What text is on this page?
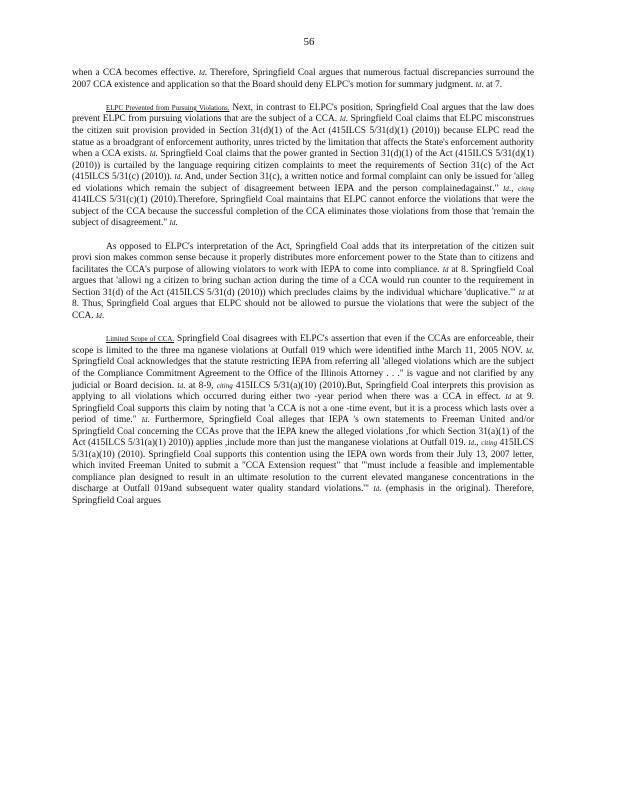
56

when a CCA becomes effective. Id. Therefore, Springfield Coal argues that numerous factual discrepancies surround the 2007 CCA existence and application so that the Board should deny ELPC's motion for summary judgment. Id. at 7.

ELPC Prevented from Pursuing Violations. Next, in contrast to ELPC's position, Springfield Coal argues that the law does prevent ELPC from pursuing violations that are the subject of a CCA. Id. Springfield Coal claims that ELPC misconstrues the citizen suit provision provided in Section 31(d)(1) of the Act (415ILCS 5/31(d)(1) (2010)) because ELPC read the statue as a broadgrant of enforcement authority, unres tricted by the limitation that affects the State's enforcement authority when a CCA exists. Id. Springfield Coal claims that the power granted in Section 31(d)(1) of the Act (415ILCS 5/31(d)(1) (2010)) is curtailed by the language requiring citizen complaints to meet the requirements of Section 31(c) of the Act (415ILCS 5/31(c) (2010)). Id. And, under Section 31(c), a written notice and formal complaint can only be issued for 'alleg ed violations which remain the subject of disagreement between IEPA and the person complainedagainst." Id., citing 414ILCS 5/31(c)(1) (2010).Therefore, Springfield Coal maintains that ELPC cannot enforce the violations that were the subject of the CCA because the successful completion of the CCA eliminates those violations from those that 'remain the subject of disagreement." Id.

As opposed to ELPC's interpretation of the Act, Springfield Coal adds that its interpretation of the citizen suit provi sion makes common sense because it properly distributes more enforcement power to the State than to citizens and facilitates the CCA's purpose of allowing violators to work with IEPA to come into compliance. Id at 8. Springfield Coal argues that 'allowi ng a citizen to bring suchan action during the time of a CCA would run counter to the requirement in Section 31(d) of the Act (415ILCS 5/31(d) (2010)) which precludes claims by the individual whichare 'duplicative.'" Id at 8. Thus, Springfield Coal argues that ELPC should not be allowed to pursue the violations that were the subject of the CCA. Id.

Limited Scope of CCA. Springfield Coal disagrees with ELPC's assertion that even if the CCAs are enforceable, their scope is limited to the three ma nganese violations at Outfall 019 which were identified inthe March 11, 2005 NOV. Id. Springfield Coal acknowledges that the statute restricting IEPA from referring all 'alleged violations which are the subject of the Compliance Commitment Agreement to the Office of the Illinois Attorney . . ." is vague and not clarified by any judicial or Board decision. Id. at 8-9, citing 415ILCS 5/31(a)(10) (2010).But, Springfield Coal interprets this provision as applying to all violations which occurred during either two -year period when there was a CCA in effect. Id at 9. Springfield Coal supports this claim by noting that 'a CCA is not a one -time event, but it is a process which lasts over a period of time." Id. Furthermore, Springfield Coal alleges that IEPA 's own statements to Freeman United and/or Springfield Coal concerning the CCAs prove that the IEPA knew the alleged violations ,for which Section 31(a)(1) of the Act (415ILCS 5/31(a)(1) 2010)) applies ,include more than just the manganese violations at Outfall 019. Id., citing 415ILCS 5/31(a)(10) (2010). Springfield Coal supports this contention using the IEPA own words from their July 13, 2007 letter, which invited Freeman United to submit a "CCA Extension request" that '"must include a feasible and implementable compliance plan designed to result in an ultimate resolution to the current elevated manganese concentrations in the discharge at Outfall 019and subsequent water quality standard violations.'" Id. (emphasis in the original). Therefore, Springfield Coal argues
